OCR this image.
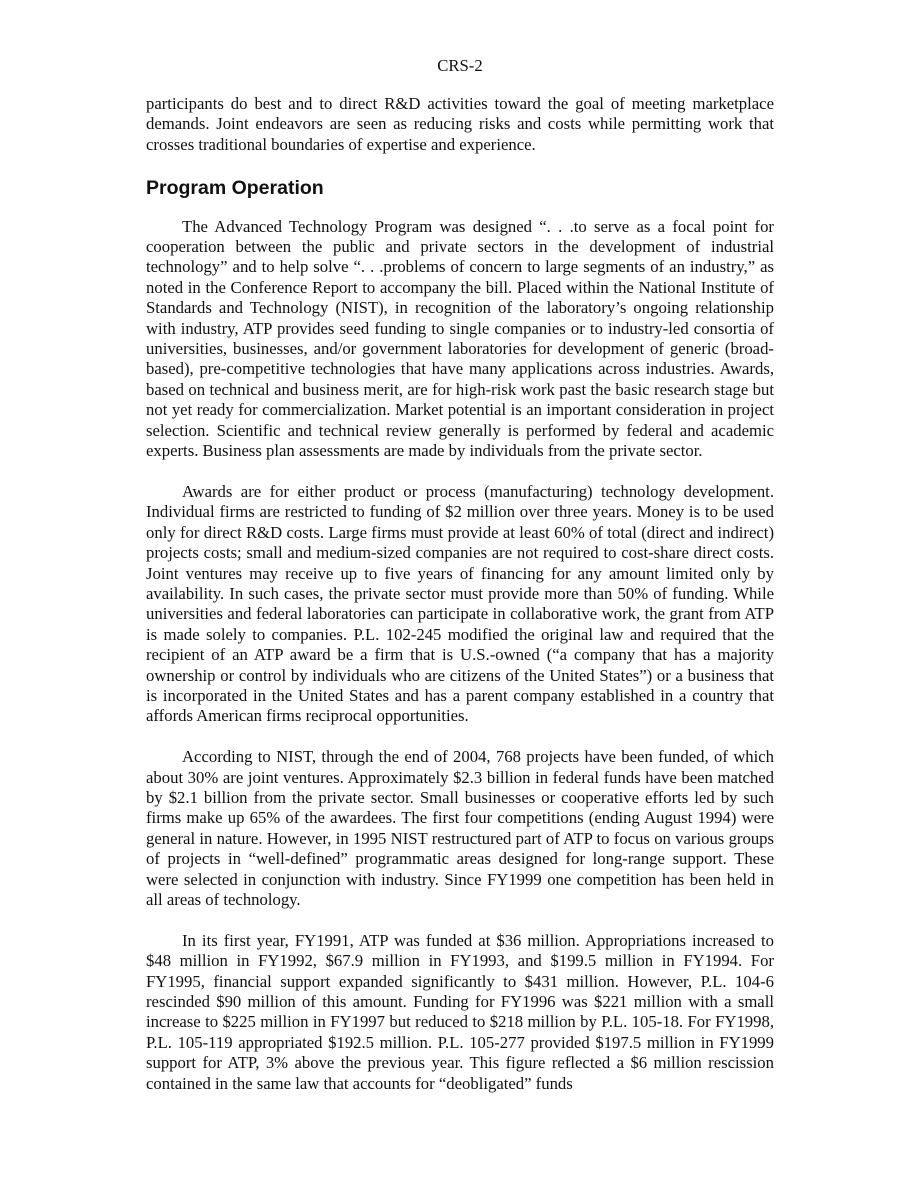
CRS-2

participants do best and to direct R&D activities toward the goal of meeting marketplace demands. Joint endeavors are seen as reducing risks and costs while permitting work that crosses traditional boundaries of expertise and experience.

Program Operation

The Advanced Technology Program was designed “. . .to serve as a focal point for cooperation between the public and private sectors in the development of industrial technology” and to help solve “. . .problems of concern to large segments of an industry,” as noted in the Conference Report to accompany the bill. Placed within the National Institute of Standards and Technology (NIST), in recognition of the laboratory’s ongoing relationship with industry, ATP provides seed funding to single companies or to industry-led consortia of universities, businesses, and/or government laboratories for development of generic (broad-based), pre-competitive technologies that have many applications across industries. Awards, based on technical and business merit, are for high-risk work past the basic research stage but not yet ready for commercialization. Market potential is an important consideration in project selection. Scientific and technical review generally is performed by federal and academic experts. Business plan assessments are made by individuals from the private sector.

Awards are for either product or process (manufacturing) technology development. Individual firms are restricted to funding of $2 million over three years. Money is to be used only for direct R&D costs. Large firms must provide at least 60% of total (direct and indirect) projects costs; small and medium-sized companies are not required to cost-share direct costs. Joint ventures may receive up to five years of financing for any amount limited only by availability. In such cases, the private sector must provide more than 50% of funding. While universities and federal laboratories can participate in collaborative work, the grant from ATP is made solely to companies. P.L. 102-245 modified the original law and required that the recipient of an ATP award be a firm that is U.S.-owned (“a company that has a majority ownership or control by individuals who are citizens of the United States”) or a business that is incorporated in the United States and has a parent company established in a country that affords American firms reciprocal opportunities.

According to NIST, through the end of 2004, 768 projects have been funded, of which about 30% are joint ventures. Approximately $2.3 billion in federal funds have been matched by $2.1 billion from the private sector. Small businesses or cooperative efforts led by such firms make up 65% of the awardees. The first four competitions (ending August 1994) were general in nature. However, in 1995 NIST restructured part of ATP to focus on various groups of projects in “well-defined” programmatic areas designed for long-range support. These were selected in conjunction with industry. Since FY1999 one competition has been held in all areas of technology.

In its first year, FY1991, ATP was funded at $36 million. Appropriations increased to $48 million in FY1992, $67.9 million in FY1993, and $199.5 million in FY1994. For FY1995, financial support expanded significantly to $431 million. However, P.L. 104-6 rescinded $90 million of this amount. Funding for FY1996 was $221 million with a small increase to $225 million in FY1997 but reduced to $218 million by P.L. 105-18. For FY1998, P.L. 105-119 appropriated $192.5 million. P.L. 105-277 provided $197.5 million in FY1999 support for ATP, 3% above the previous year. This figure reflected a $6 million rescission contained in the same law that accounts for “deobligated” funds
